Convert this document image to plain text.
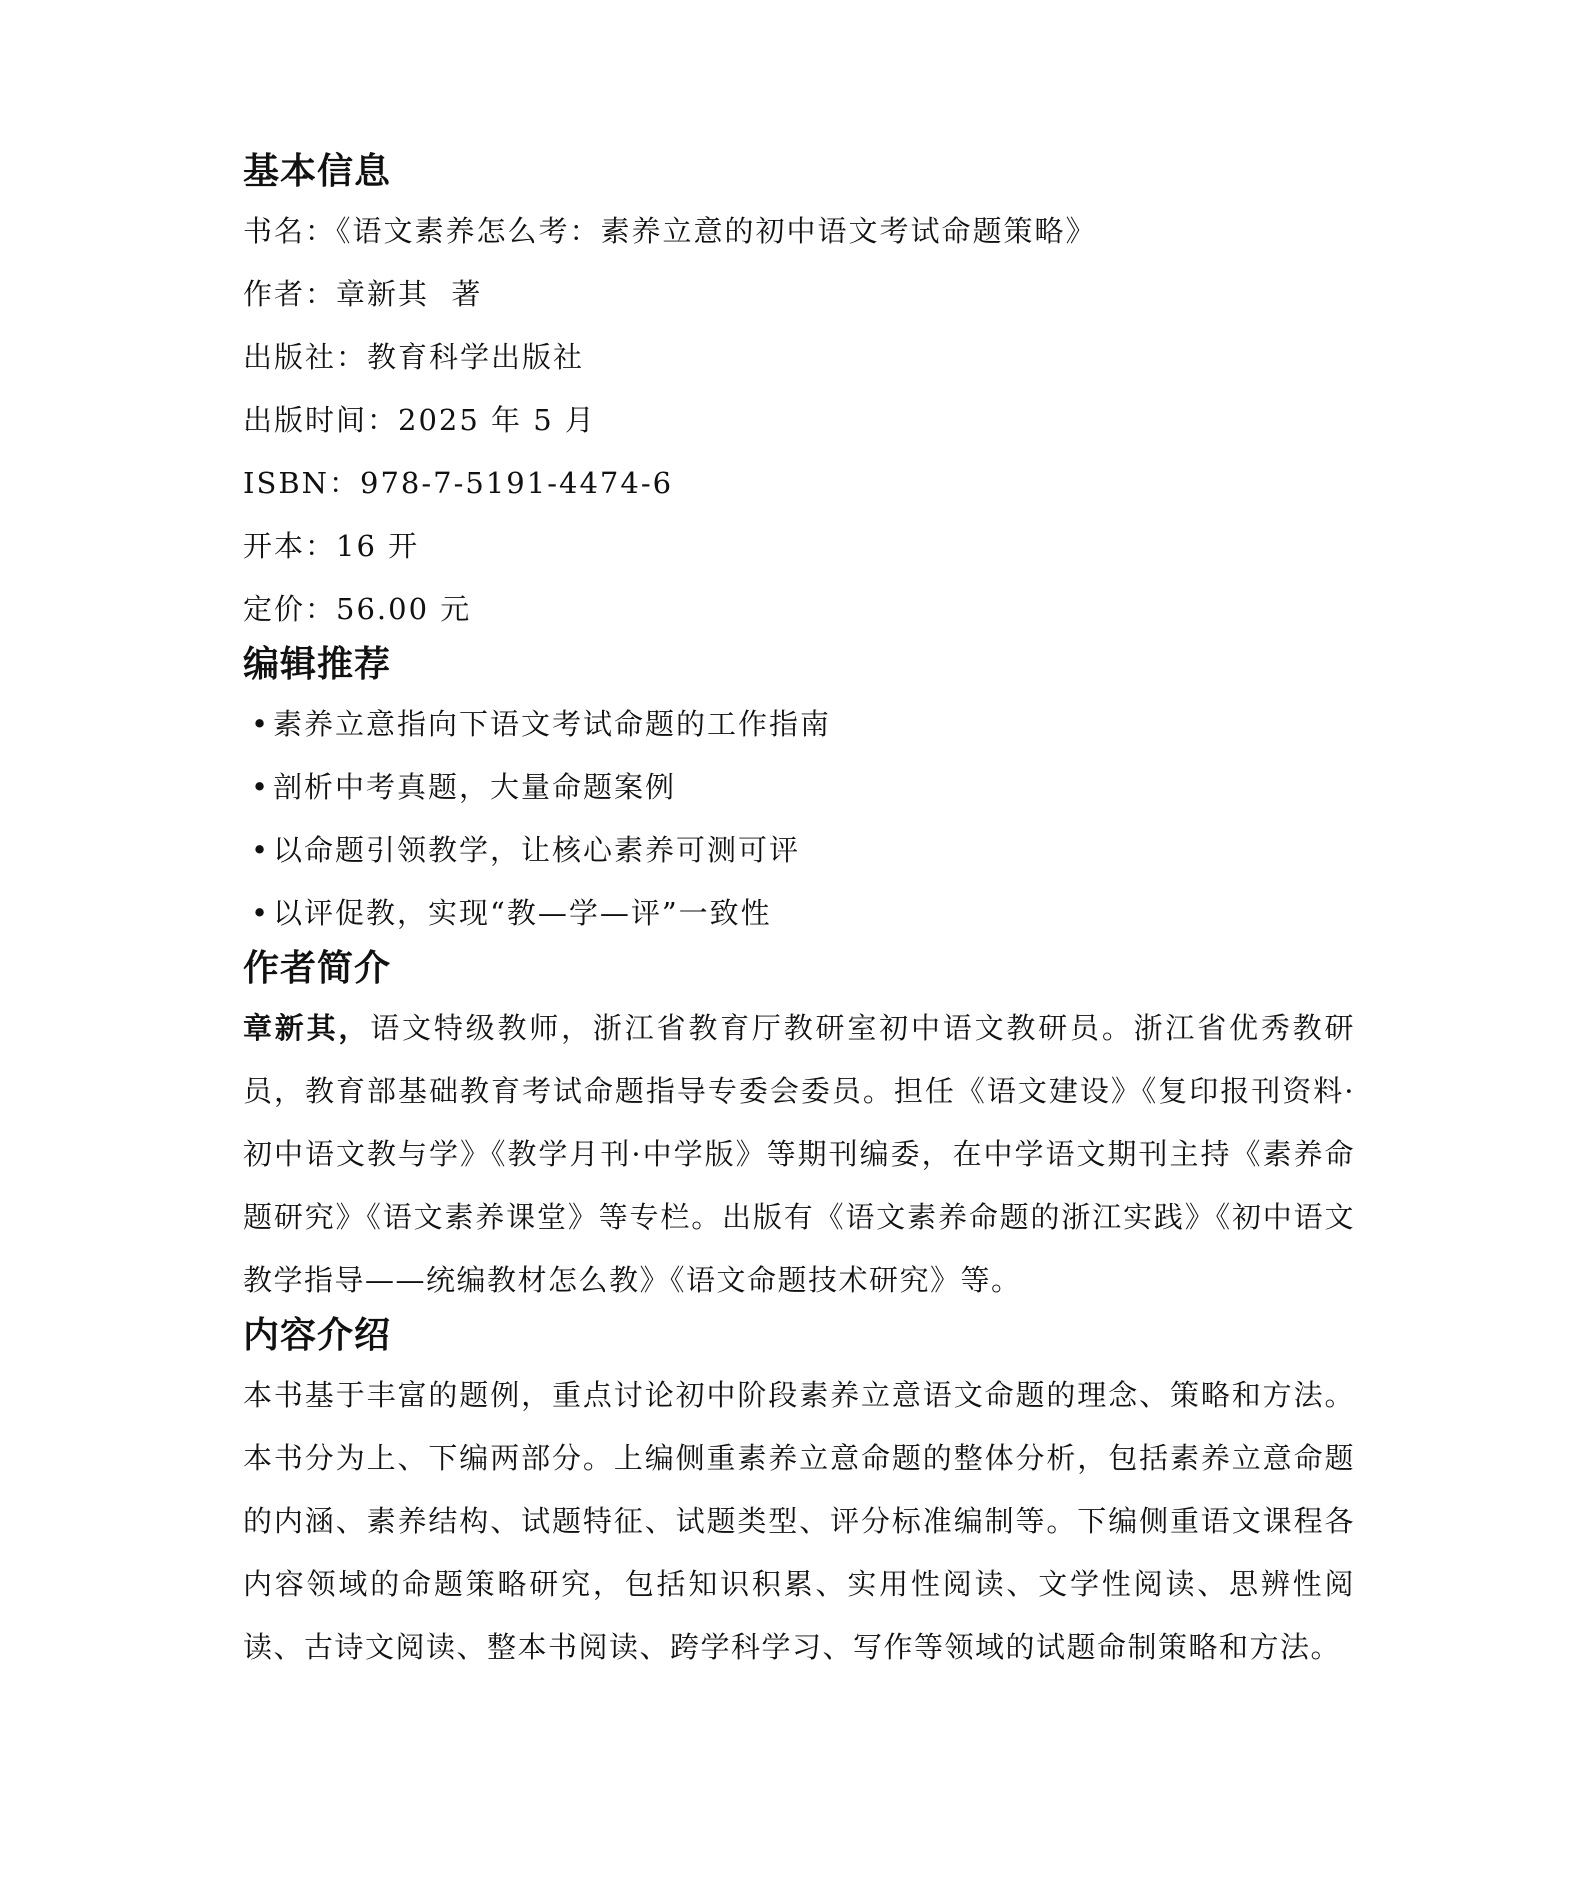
基本信息

书名：《语文素养怎么考：素养立意的初中语文考试命题策略》

作者：章新其  著

出版社：教育科学出版社

出版时间：2025 年 5 月

ISBN：978-7-5191-4474-6

开本：16 开

定价：56.00 元

编辑推荐

•素养立意指向下语文考试命题的工作指南

•剖析中考真题，大量命题案例

•以命题引领教学，让核心素养可测可评

•以评促教，实现“教—学—评”一致性

作者简介

章新其，语文特级教师，浙江省教育厅教研室初中语文教研员。浙江省优秀教研员，教育部基础教育考试命题指导专委会委员。担任《语文建设》《复印报刊资料·初中语文教与学》《教学月刊·中学版》等期刊编委，在中学语文期刊主持《素养命题研究》《语文素养课堂》等专栏。出版有《语文素养命题的浙江实践》《初中语文教学指导——统编教材怎么教》《语文命题技术研究》等。

内容介绍

本书基于丰富的题例，重点讨论初中阶段素养立意语文命题的理念、策略和方法。本书分为上、下编两部分。上编侧重素养立意命题的整体分析，包括素养立意命题的内涵、素养结构、试题特征、试题类型、评分标准编制等。下编侧重语文课程各内容领域的命题策略研究，包括知识积累、实用性阅读、文学性阅读、思辨性阅读、古诗文阅读、整本书阅读、跨学科学习、写作等领域的试题命制策略和方法。
